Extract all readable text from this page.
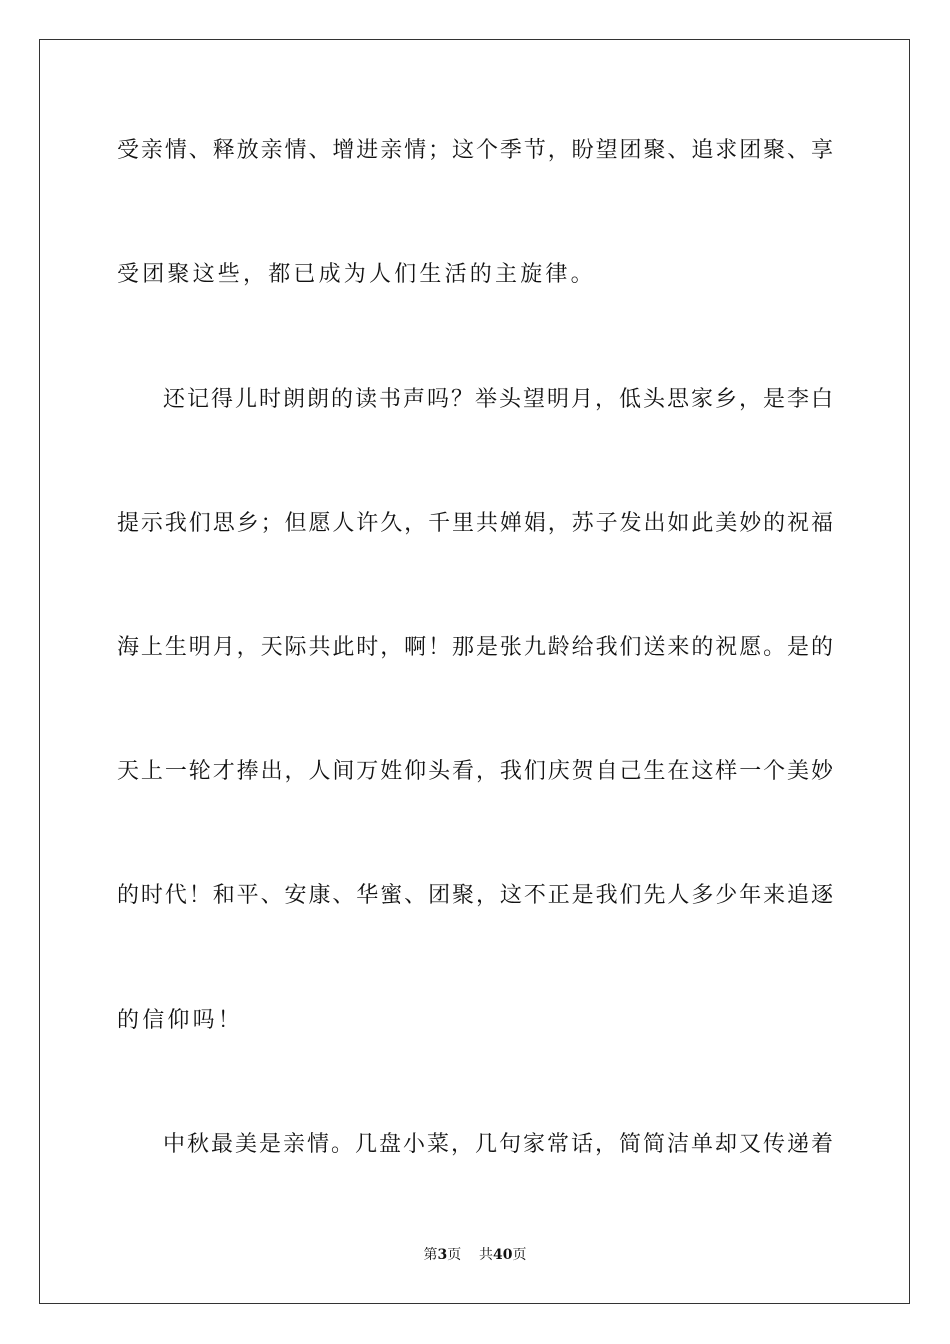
受亲情、释放亲情、增进亲情；这个季节，盼望团聚、追求团聚、享
受团聚这些，都已成为人们生活的主旋律。
还记得儿时朗朗的读书声吗？举头望明月，低头思家乡，是李白
提示我们思乡；但愿人许久，千里共婵娟，苏子发出如此美妙的祝福
海上生明月，天际共此时，啊！那是张九龄给我们送来的祝愿。是的
天上一轮才捧出，人间万姓仰头看，我们庆贺自己生在这样一个美妙
的时代！和平、安康、华蜜、团聚，这不正是我们先人多少年来追逐
的信仰吗！
中秋最美是亲情。几盘小菜，几句家常话，简简洁单却又传递着
第3页 共40页
